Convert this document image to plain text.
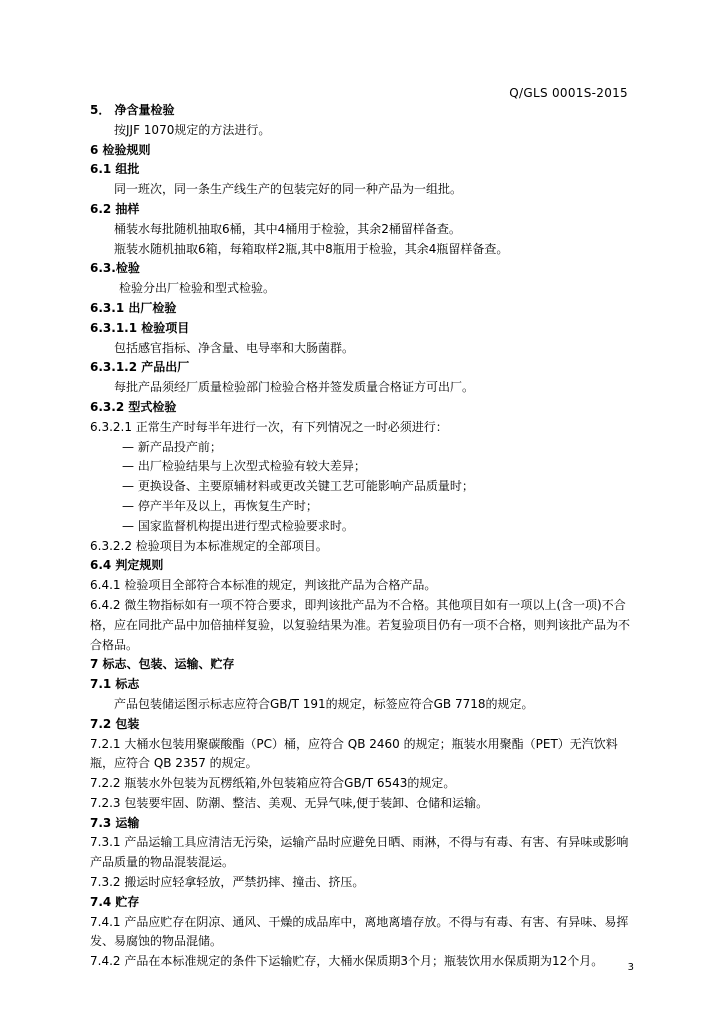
Q/GLS 0001S-2015
5． 净含量检验
按JJF 1070规定的方法进行。
6 检验规则
6.1 组批
同一班次，同一条生产线生产的包装完好的同一种产品为一组批。
6.2 抽样
桶装水每批随机抽取6桶，其中4桶用于检验，其余2桶留样备查。
瓶装水随机抽取6箱，每箱取样2瓶,其中8瓶用于检验，其余4瓶留样备查。
6.3.检验
检验分出厂检验和型式检验。
6.3.1 出厂检验
6.3.1.1 检验项目
包括感官指标、净含量、电导率和大肠菌群。
6.3.1.2 产品出厂
每批产品须经厂质量检验部门检验合格并签发质量合格证方可出厂。
6.3.2 型式检验
6.3.2.1 正常生产时每半年进行一次，有下列情况之一时必须进行：
— 新产品投产前；
— 出厂检验结果与上次型式检验有较大差异；
— 更换设备、主要原辅材料或更改关键工艺可能影响产品质量时；
— 停产半年及以上，再恢复生产时；
— 国家监督机构提出进行型式检验要求时。
6.3.2.2 检验项目为本标准规定的全部项目。
6.4 判定规则
6.4.1 检验项目全部符合本标准的规定，判该批产品为合格产品。
6.4.2 微生物指标如有一项不符合要求，即判该批产品为不合格。其他项目如有一项以上(含一项)不合格，应在同批产品中加倍抽样复验，以复验结果为准。若复验项目仍有一项不合格，则判该批产品为不合格品。
7 标志、包装、运输、贮存
7.1 标志
产品包装储运图示标志应符合GB/T 191的规定，标签应符合GB 7718的规定。
7.2 包装
7.2.1 大桶水包装用聚碳酸酯（PC）桶，应符合 QB 2460 的规定；瓶装水用聚酯（PET）无汽饮料瓶，应符合 QB 2357 的规定。
7.2.2 瓶装水外包装为瓦楞纸箱,外包装箱应符合GB/T 6543的规定。
7.2.3 包装要牢固、防潮、整洁、美观、无异气味,便于装卸、仓储和运输。
7.3 运输
7.3.1 产品运输工具应清洁无污染，运输产品时应避免日晒、雨淋，不得与有毒、有害、有异味或影响产品质量的物品混装混运。
7.3.2 搬运时应轻拿轻放，严禁扔摔、撞击、挤压。
7.4 贮存
7.4.1 产品应贮存在阴凉、通风、干燥的成品库中，离地离墙存放。不得与有毒、有害、有异味、易挥发、易腐蚀的物品混储。
7.4.2 产品在本标准规定的条件下运输贮存，大桶水保质期3个月；瓶装饮用水保质期为12个月。	3
